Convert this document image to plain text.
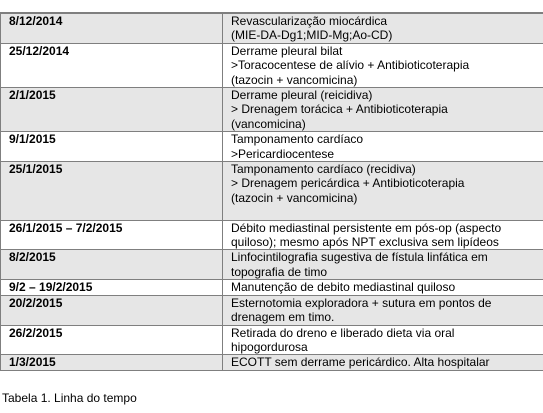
8/12/2014	Revascularização miocárdica
(MIE-DA-Dg1;MID-Mg;Ao-CD)

25/12/2014	Derrame pleural bilat
>Toracocentese de alívio + Antibioticoterapia
(tazocin + vancomicina)

2/1/2015	Derrame pleural (reicidiva)
> Drenagem torácica + Antibioticoterapia
(vancomicina)

9/1/2015	Tamponamento cardíaco
>Pericardiocentese

25/1/2015	Tamponamento cardíaco (recidiva)
> Drenagem pericárdica + Antibioticoterapia
(tazocin + vancomicina)

26/1/2015 – 7/2/2015	Débito mediastinal persistente em pós-op (aspecto
quiloso); mesmo após NPT exclusiva sem lipídeos

8/2/2015	Linfocintilografia sugestiva de fístula linfática em
topografia de timo

9/2 – 19/2/2015	Manutenção de debito mediastinal quiloso

20/2/2015	Esternotomia exploradora + sutura em pontos de
drenagem em timo.

26/2/2015	Retirada do dreno e liberado dieta via oral
hipogordurosa

1/3/2015	ECOTT sem derrame pericárdico. Alta hospitalar
Tabela 1. Linha do tempo
